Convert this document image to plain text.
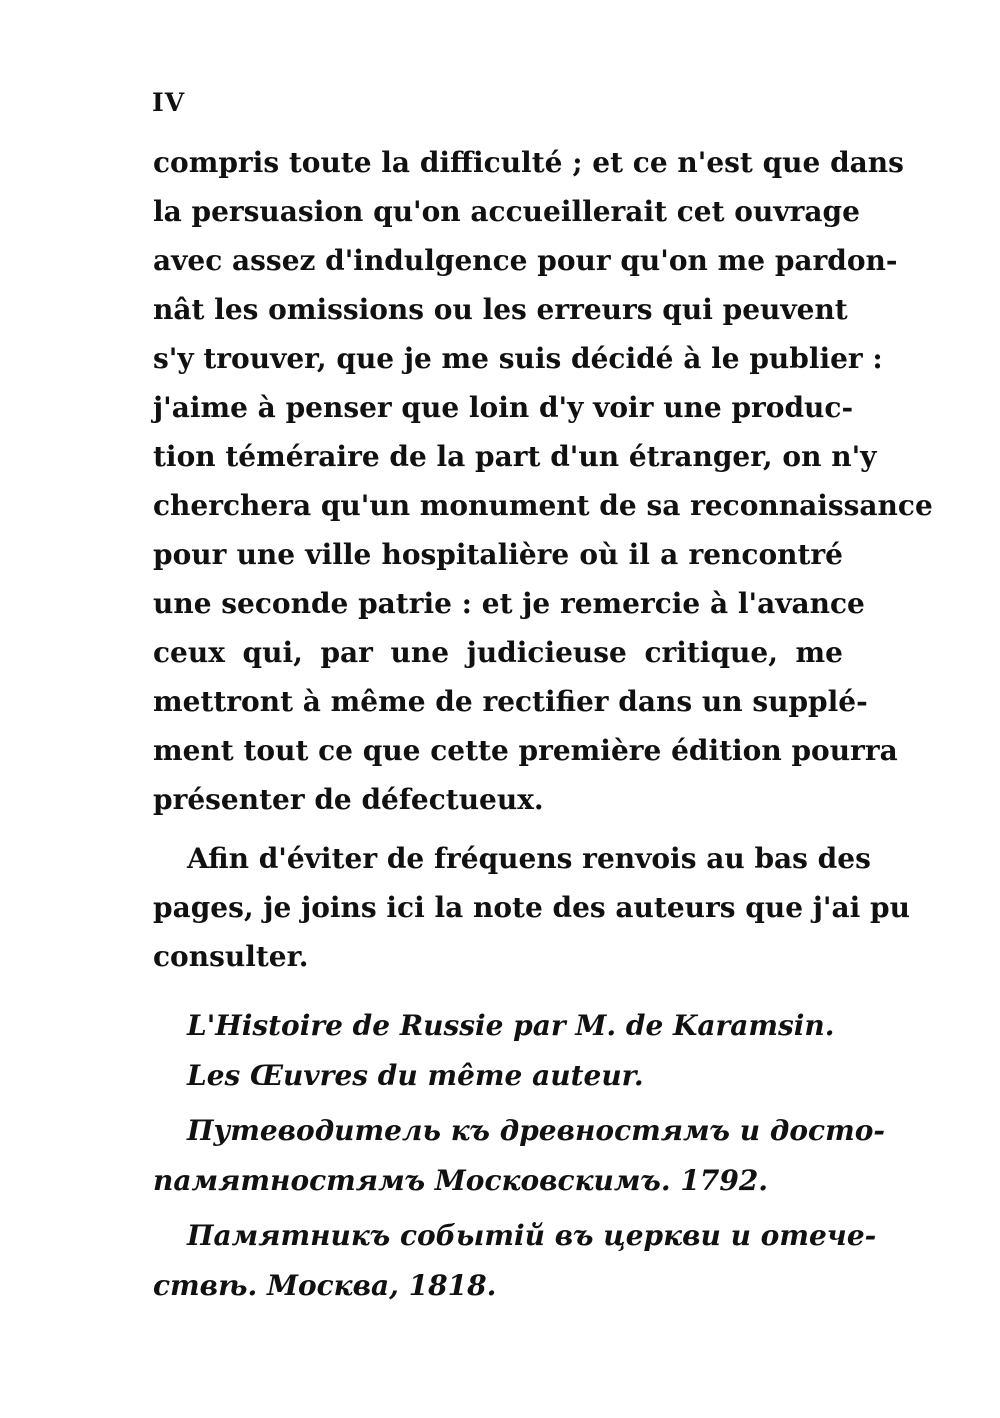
IV
compris toute la difficulté ; et ce n'est que dans
la persuasion qu'on accueillerait cet ouvrage
avec assez d'indulgence pour qu'on me pardon-
nât les omissions ou les erreurs qui peuvent
s'y trouver, que je me suis décidé à le publier :
j'aime à penser que loin d'y voir une produc-
tion téméraire de la part d'un étranger, on n'y
cherchera qu'un monument de sa reconnaissance
pour une ville hospitalière où il a rencontré
une seconde patrie : et je remercie à l'avance
ceux qui, par une judicieuse critique, me
mettront à même de rectifier dans un supplé-
ment tout ce que cette première édition pourra
présenter de défectueux.
Afin d'éviter de fréquens renvois au bas des
pages, je joins ici la note des auteurs que j'ai pu
consulter.
L'Histoire de Russie par M. de Karamsin.
Les Œuvres du même auteur.
Путеводитель къ древностямъ и досто-
памятностямъ Московскимъ. 1792.
Памятникъ событій въ церкви и отече-
ствѣ. Москва, 1818.
